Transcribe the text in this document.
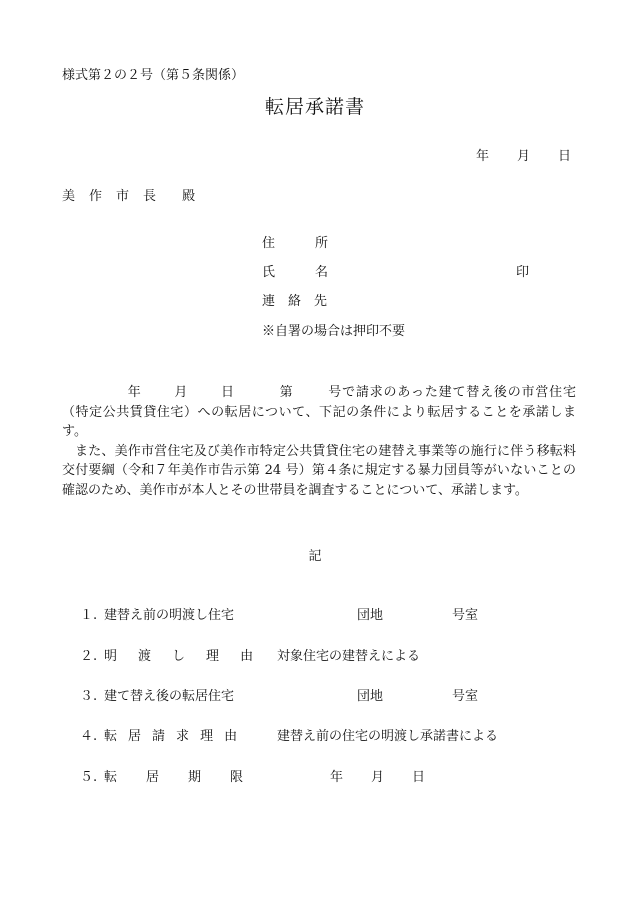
様式第２の２号（第５条関係）
転居承諾書
年 月 日
美 作 市 長 殿
住	所
氏	名	印
連 絡 先
※自署の場合は押印不要

年 月 日	第	号で請求のあった建て替え後の市営住宅（特定公共賃貸住宅）への転居について、下記の条件により転居することを承諾します。

また、美作市営住宅及び美作市特定公共賃貸住宅の建替え事業等の施行に伴う移転料交付要綱（令和７年美作市告示第 24 号）第４条に規定する暴力団員等がいないことの確認のため、美作市が本人とその世帯員を調査することについて、承諾します。

記
１. 建替え前の明渡し住宅	団地	号室
２. 明 渡 し 理 由 対象住宅の建替えによる
３. 建て替え後の転居住宅	団地	号室
４. 転 居 請 求 理 由	建替え前の住宅の明渡し承諾書による
５. 転 居 期 限	年 月 日
